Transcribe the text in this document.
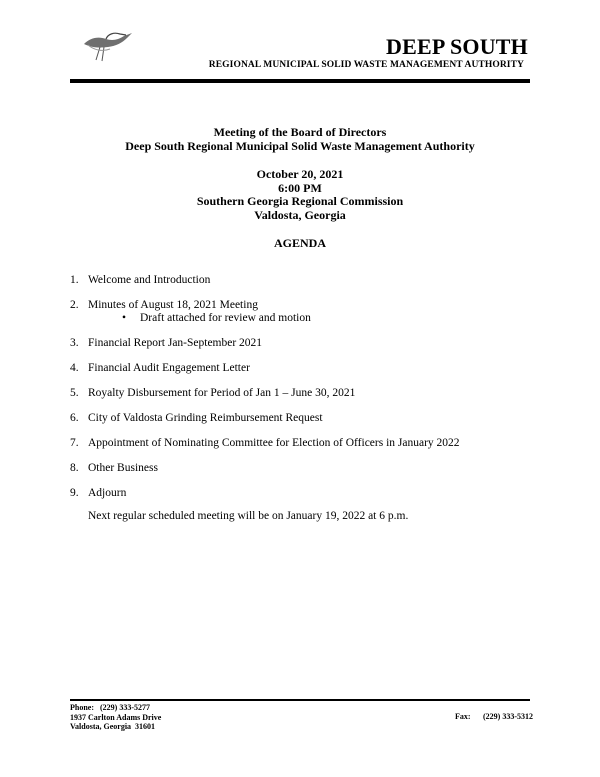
DEEP SOUTH
REGIONAL MUNICIPAL SOLID WASTE MANAGEMENT AUTHORITY
Meeting of the Board of Directors
Deep South Regional Municipal Solid Waste Management Authority
October 20, 2021
6:00 PM
Southern Georgia Regional Commission
Valdosta, Georgia
AGENDA
1. Welcome and Introduction
2. Minutes of August 18, 2021 Meeting
• Draft attached for review and motion
3. Financial Report Jan-September 2021
4. Financial Audit Engagement Letter
5. Royalty Disbursement for Period of Jan 1 – June 30, 2021
6. City of Valdosta Grinding Reimbursement Request
7. Appointment of Nominating Committee for Election of Officers in January 2022
8. Other Business
9. Adjourn
Next regular scheduled meeting will be on January 19, 2022 at 6 p.m.
Phone:   (229) 333-5277
1937 Carlton Adams Drive
Valdosta, Georgia  31601
Fax: (229) 333-5312
